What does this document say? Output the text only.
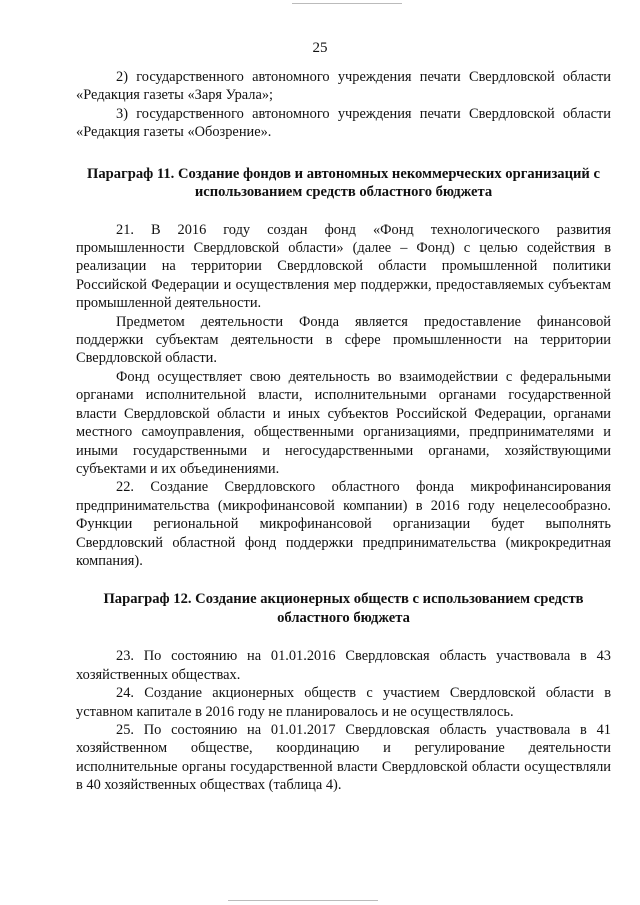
25

2) государственного автономного учреждения печати Свердловской области «Редакция газеты «Заря Урала»;

3) государственного автономного учреждения печати Свердловской области «Редакция газеты «Обозрение».

Параграф 11. Создание фондов и автономных некоммерческих организаций с использованием средств областного бюджета

21. В 2016 году создан фонд «Фонд технологического развития промышленности Свердловской области» (далее – Фонд) с целью содействия в реализации на территории Свердловской области промышленной политики Российской Федерации и осуществления мер поддержки, предоставляемых субъектам промышленной деятельности.

Предметом деятельности Фонда является предоставление финансовой поддержки субъектам деятельности в сфере промышленности на территории Свердловской области.

Фонд осуществляет свою деятельность во взаимодействии с федеральными органами исполнительной власти, исполнительными органами государственной власти Свердловской области и иных субъектов Российской Федерации, органами местного самоуправления, общественными организациями, предпринимателями и иными государственными и негосударственными органами, хозяйствующими субъектами и их объединениями.

22. Создание Свердловского областного фонда микрофинансирования предпринимательства (микрофинансовой компании) в 2016 году нецелесообразно. Функции региональной микрофинансовой организации будет выполнять Свердловский областной фонд поддержки предпринимательства (микрокредитная компания).

Параграф 12. Создание акционерных обществ с использованием средств областного бюджета

23. По состоянию на 01.01.2016 Свердловская область участвовала в 43 хозяйственных обществах.

24. Создание акционерных обществ с участием Свердловской области в уставном капитале в 2016 году не планировалось и не осуществлялось.

25. По состоянию на 01.01.2017 Свердловская область участвовала в 41 хозяйственном обществе, координацию и регулирование деятельности исполнительные органы государственной власти Свердловской области осуществляли в 40 хозяйственных обществах (таблица 4).
